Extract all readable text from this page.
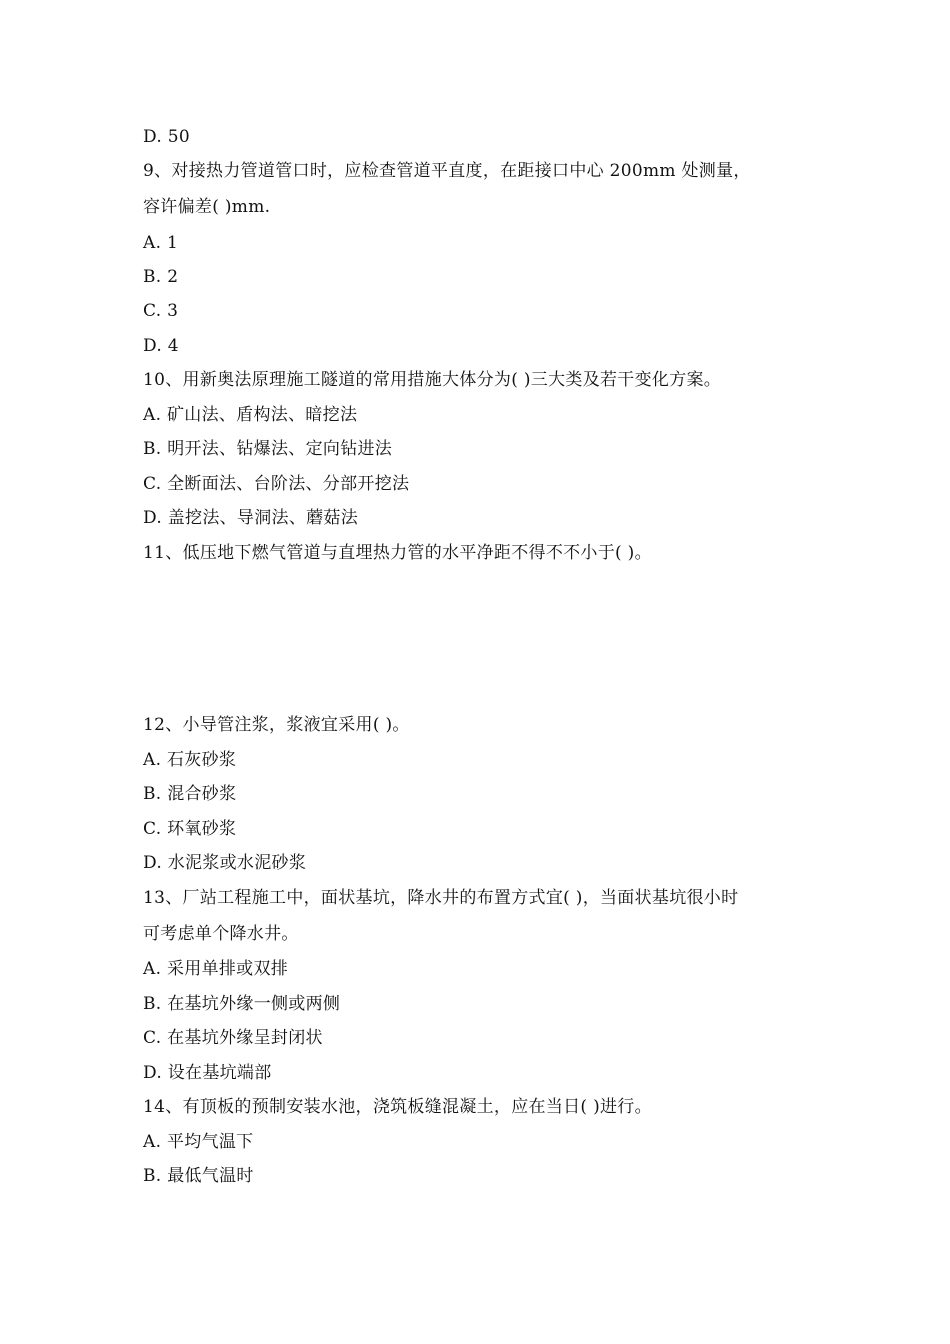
D. 50
9、对接热力管道管口时，应检查管道平直度，在距接口中心 200mm 处测量，
容许偏差( )mm.
A. 1
B. 2
C. 3
D. 4
10、用新奥法原理施工隧道的常用措施大体分为( )三大类及若干变化方案。
A. 矿山法、盾构法、暗挖法
B. 明开法、钻爆法、定向钻进法
C. 全断面法、台阶法、分部开挖法
D. 盖挖法、导洞法、蘑菇法
11、低压地下燃气管道与直埋热力管的水平净距不得不不小于( )。
12、小导管注浆，浆液宜采用( )。
A. 石灰砂浆
B. 混合砂浆
C. 环氧砂浆
D. 水泥浆或水泥砂浆
13、厂站工程施工中，面状基坑，降水井的布置方式宜( )，当面状基坑很小时
可考虑单个降水井。
A. 采用单排或双排
B. 在基坑外缘一侧或两侧
C. 在基坑外缘呈封闭状
D. 设在基坑端部
14、有顶板的预制安装水池，浇筑板缝混凝土，应在当日( )进行。
A. 平均气温下
B. 最低气温时
